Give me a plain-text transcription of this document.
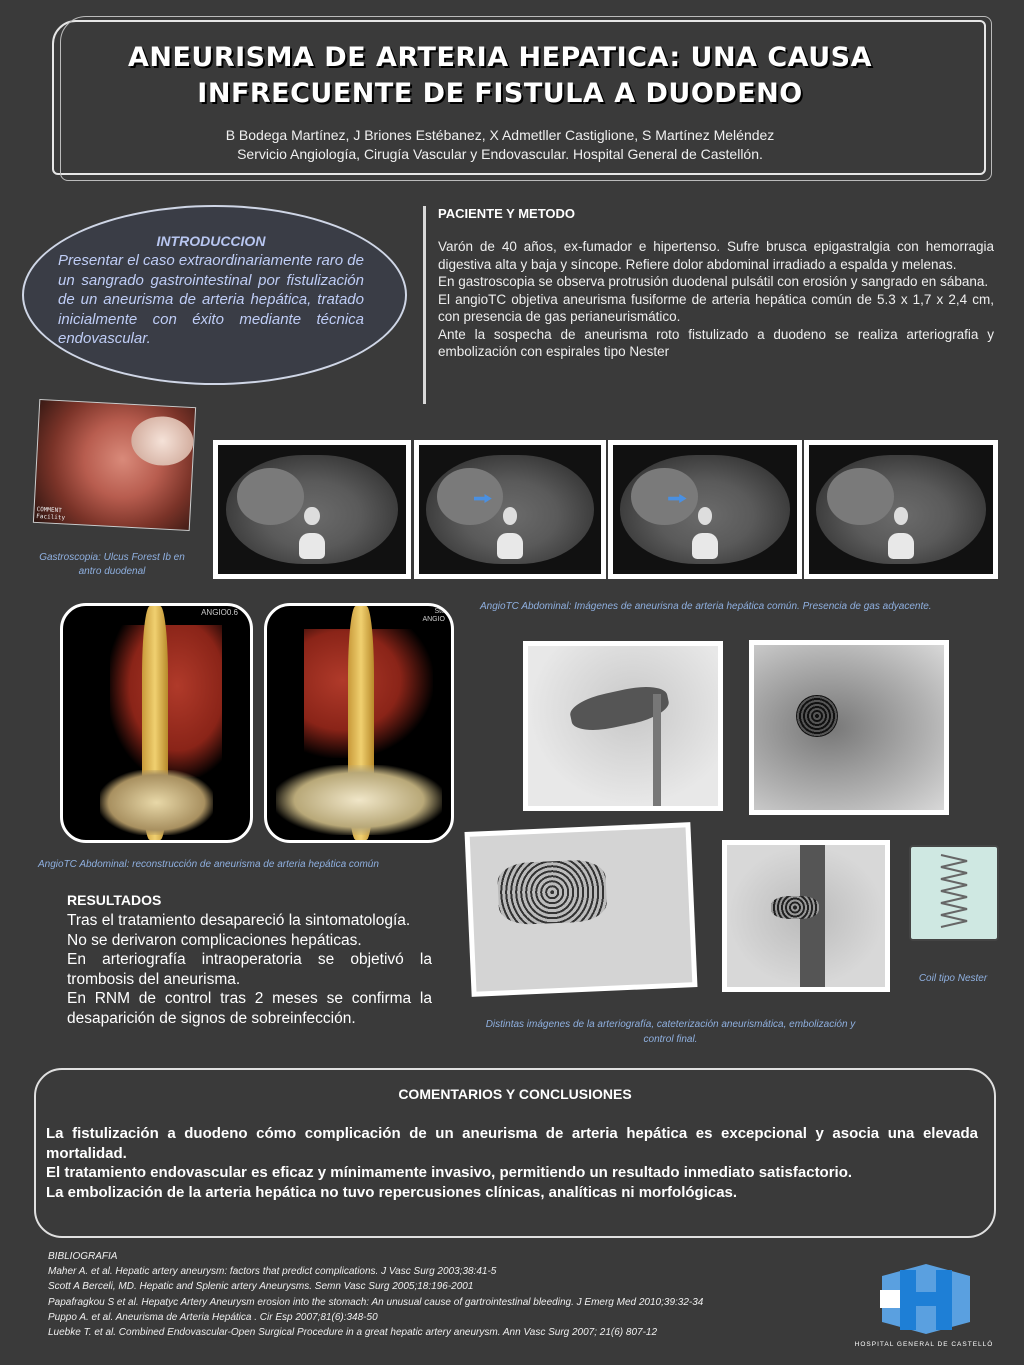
ANEURISMA DE ARTERIA HEPATICA: UNA CAUSA
INFRECUENTE DE FISTULA A DUODENO
B Bodega Martínez, J Briones Estébanez, X Admetller Castiglione, S Martínez Meléndez
Servicio Angiología, Cirugía Vascular y Endovascular. Hospital General de Castellón.
INTRODUCCION
Presentar el caso extraordinariamente raro de un sangrado gastrointestinal por fistulización de un aneurisma de arteria hepática, tratado inicialmente con éxito mediante técnica endovascular.
PACIENTE Y METODO

Varón de 40 años, ex-fumador e hipertenso. Sufre brusca epigastralgia con hemorragia digestiva alta y baja y síncope. Refiere dolor abdominal irradiado a espalda y melenas.

En gastroscopia se observa protrusión duodenal pulsátil con erosión y sangrado en sábana.

El angioTC objetiva aneurisma fusiforme de arteria hepática común de 5.3 x 1,7 x 2,4 cm, con presencia de gas perianeurismático.

Ante la sospecha de aneurisma roto fistulizado a duodeno se realiza arteriografia y embolización con espirales tipo Nester

COMMENT
Facility
Gastroscopia: Ulcus Forest Ib en antro duodenal
AngioTC Abdominal: Imágenes de aneurisna de arteria hepática común. Presencia de gas adyacente.
ANGIO0.6	Stu
ANGIO
AngioTC Abdominal: reconstrucción de aneurisma de arteria hepática común
Coil tipo Nester
Distintas imágenes de la arteriografía, cateterización aneurismática, embolización y control final.
RESULTADOS

Tras el tratamiento desapareció la sintomatología.

No se derivaron complicaciones hepáticas.

En arteriografía intraoperatoria se objetivó la trombosis del aneurisma.

En RNM de control tras 2 meses se confirma la desaparición de signos de sobreinfección.

COMENTARIOS Y CONCLUSIONES

La fistulización a duodeno cómo complicación de un aneurisma de arteria hepática es excepcional y asocia una elevada mortalidad.

El tratamiento endovascular es eficaz y mínimamente invasivo, permitiendo un resultado inmediato satisfactorio.

La embolización de la arteria hepática no tuvo repercusiones clínicas, analíticas ni morfológicas.

BIBLIOGRAFIA
Maher A. et al. Hepatic artery aneurysm: factors that predict complications. J Vasc Surg 2003;38:41-5
Scott A Berceli, MD. Hepatic and Splenic artery Aneurysms. Semn Vasc Surg 2005;18:196-2001
Papafragkou S et al. Hepatyc Artery Aneurysm erosion into the stomach: An unusual cause of gartrointestinal bleeding. J Emerg Med 2010;39:32-34
Puppo A. et al. Aneurisma de Arteria Hepática . Cir Esp 2007;81(6):348-50
Luebke T. et al. Combined Endovascular-Open Surgical Procedure in a great hepatic artery aneurysm. Ann Vasc Surg 2007; 21(6) 807-12
HOSPITAL GENERAL DE CASTELLÓ
